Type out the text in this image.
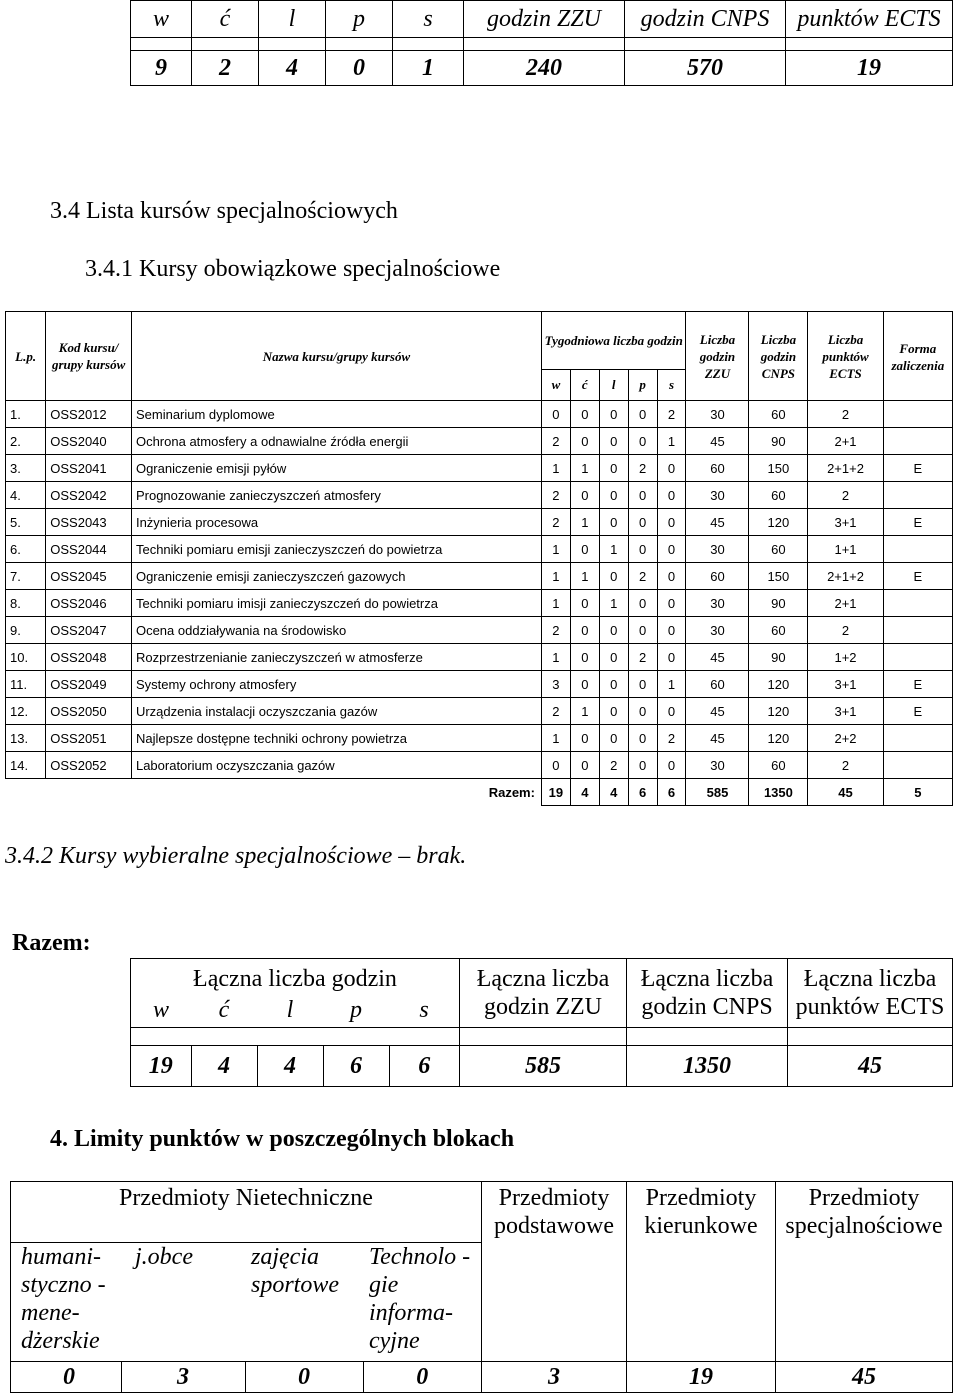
w	ć	l	p	s	godzin ZZU	godzin CNPS	punktów ECTS

9	2	4	0	1	240	570	19
3.4 Lista kursów specjalnościowych
3.4.1 Kursy obowiązkowe specjalnościowe
L.p.	Kod kursu/ grupy kursów	Nazwa kursu/grupy kursów	Tygodniowa liczba godzin					Liczba godzin ZZU	Liczba godzin CNPS	Liczba punktów ECTS	Forma zaliczenia
			w	ć	l	p	s				
1.	OSS2012	Seminarium dyplomowe	0	0	0	0	2	30	60	2	
2.	OSS2040	Ochrona atmosfery a odnawialne źródła energii	2	0	0	0	1	45	90	2+1	
3.	OSS2041	Ograniczenie emisji pyłów	1	1	0	2	0	60	150	2+1+2	E
4.	OSS2042	Prognozowanie zanieczyszczeń atmosfery	2	0	0	0	0	30	60	2	
5.	OSS2043	Inżynieria procesowa	2	1	0	0	0	45	120	3+1	E
6.	OSS2044	Techniki pomiaru emisji zanieczyszczeń do powietrza	1	0	1	0	0	30	60	1+1	
7.	OSS2045	Ograniczenie emisji zanieczyszczeń gazowych	1	1	0	2	0	60	150	2+1+2	E
8.	OSS2046	Techniki pomiaru imisji zanieczyszczeń do powietrza	1	0	1	0	0	30	90	2+1	
9.	OSS2047	Ocena oddziaływania na środowisko	2	0	0	0	0	30	60	2	
10.	OSS2048	Rozprzestrzenianie zanieczyszczeń w atmosferze	1	0	0	2	0	45	90	1+2	
11.	OSS2049	Systemy ochrony atmosfery	3	0	0	0	1	60	120	3+1	E
12.	OSS2050	Urządzenia instalacji oczyszczania gazów	2	1	0	0	0	45	120	3+1	E
13.	OSS2051	Najlepsze dostępne techniki ochrony powietrza	1	0	0	0	2	45	120	2+2	
14.	OSS2052	Laboratorium oczyszczania gazów	0	0	2	0	0	30	60	2	
Razem:			19	4	4	6	6	585	1350	45	5
3.4.2 Kursy wybieralne specjalnościowe – brak.
Razem:
Łączna liczba godzin					Łączna liczba godzin ZZU	Łączna liczba godzin CNPS	Łączna liczba punktów ECTS
w	ć	l	p	s			

19	4	4	6	6	585	1350	45
4. Limity punktów w poszczególnych blokach
Przedmioty Nietechniczne				Przedmioty podstawowe	Przedmioty kierunkowe	Przedmioty specjalnościowe
humani-styczno - mene-dżerskie	j.obce	zajęcia sportowe	Technolo -gie informa-cyjne			
0	3	0	0	3	19	45
